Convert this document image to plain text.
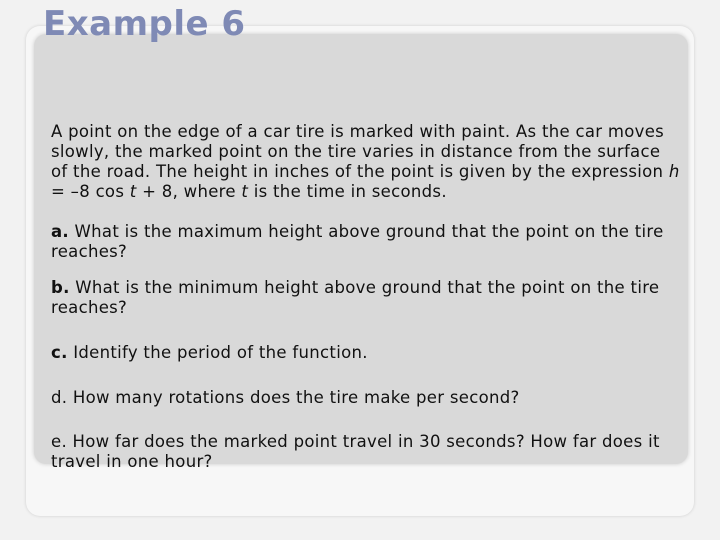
Example 6

A point on the edge of a car tire is marked with paint. As the car moves slowly, the marked point on the tire varies in distance from the surface of the road. The height in inches of the point is given by the expression h = –8 cos t + 8, where t is the time in seconds.

a. What is the maximum height above ground that the point on the tire reaches?

b. What is the minimum height above ground that the point on the tire reaches?

c. Identify the period of the function.

d. How many rotations does the tire make per second?

e. How far does the marked point travel in 30 seconds? How far does it travel in one hour?
